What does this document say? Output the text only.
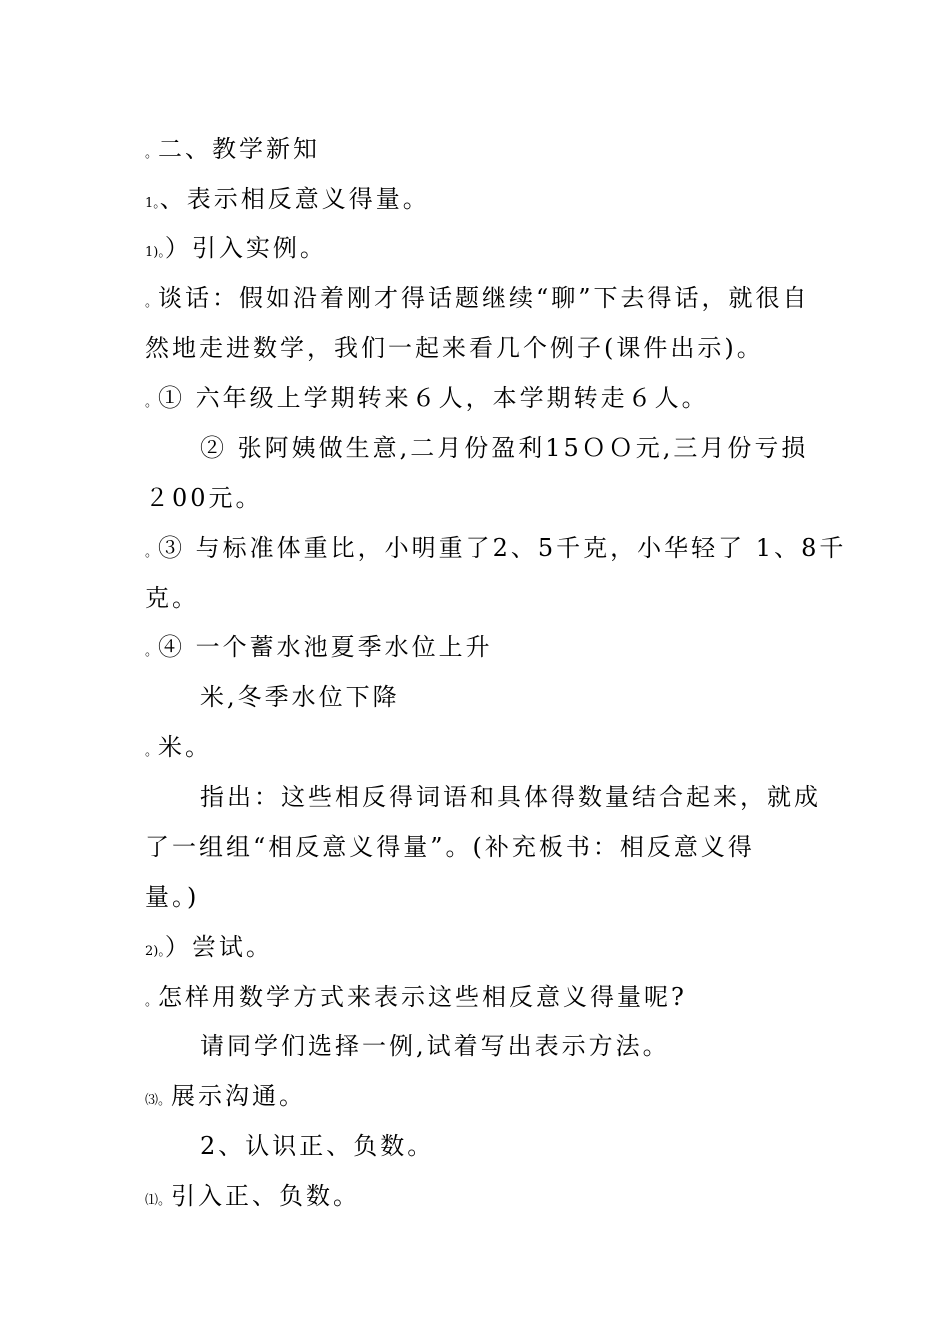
。二、教学新知
1。、表示相反意义得量。
1)。）引入实例。
。谈话：假如沿着刚才得话题继续“聊”下去得话，就很自
然地走进数学，我们一起来看几个例子(课件出示)。
。① 六年级上学期转来６人，本学期转走６人。
② 张阿姨做生意,二月份盈利15ＯＯ元,三月份亏损
２00元。
。③ 与标准体重比，小明重了2、5千克，小华轻了 1、8千
克。
。④ 一个蓄水池夏季水位上升
米,冬季水位下降
。米。
指出：这些相反得词语和具体得数量结合起来，就成
了一组组“相反意义得量”。(补充板书：相反意义得
量。)
2)。）尝试。
。怎样用数学方式来表示这些相反意义得量呢?
请同学们选择一例,试着写出表示方法。
⑶。展示沟通。
2、认识正、负数。
⑴。引入正、负数。
